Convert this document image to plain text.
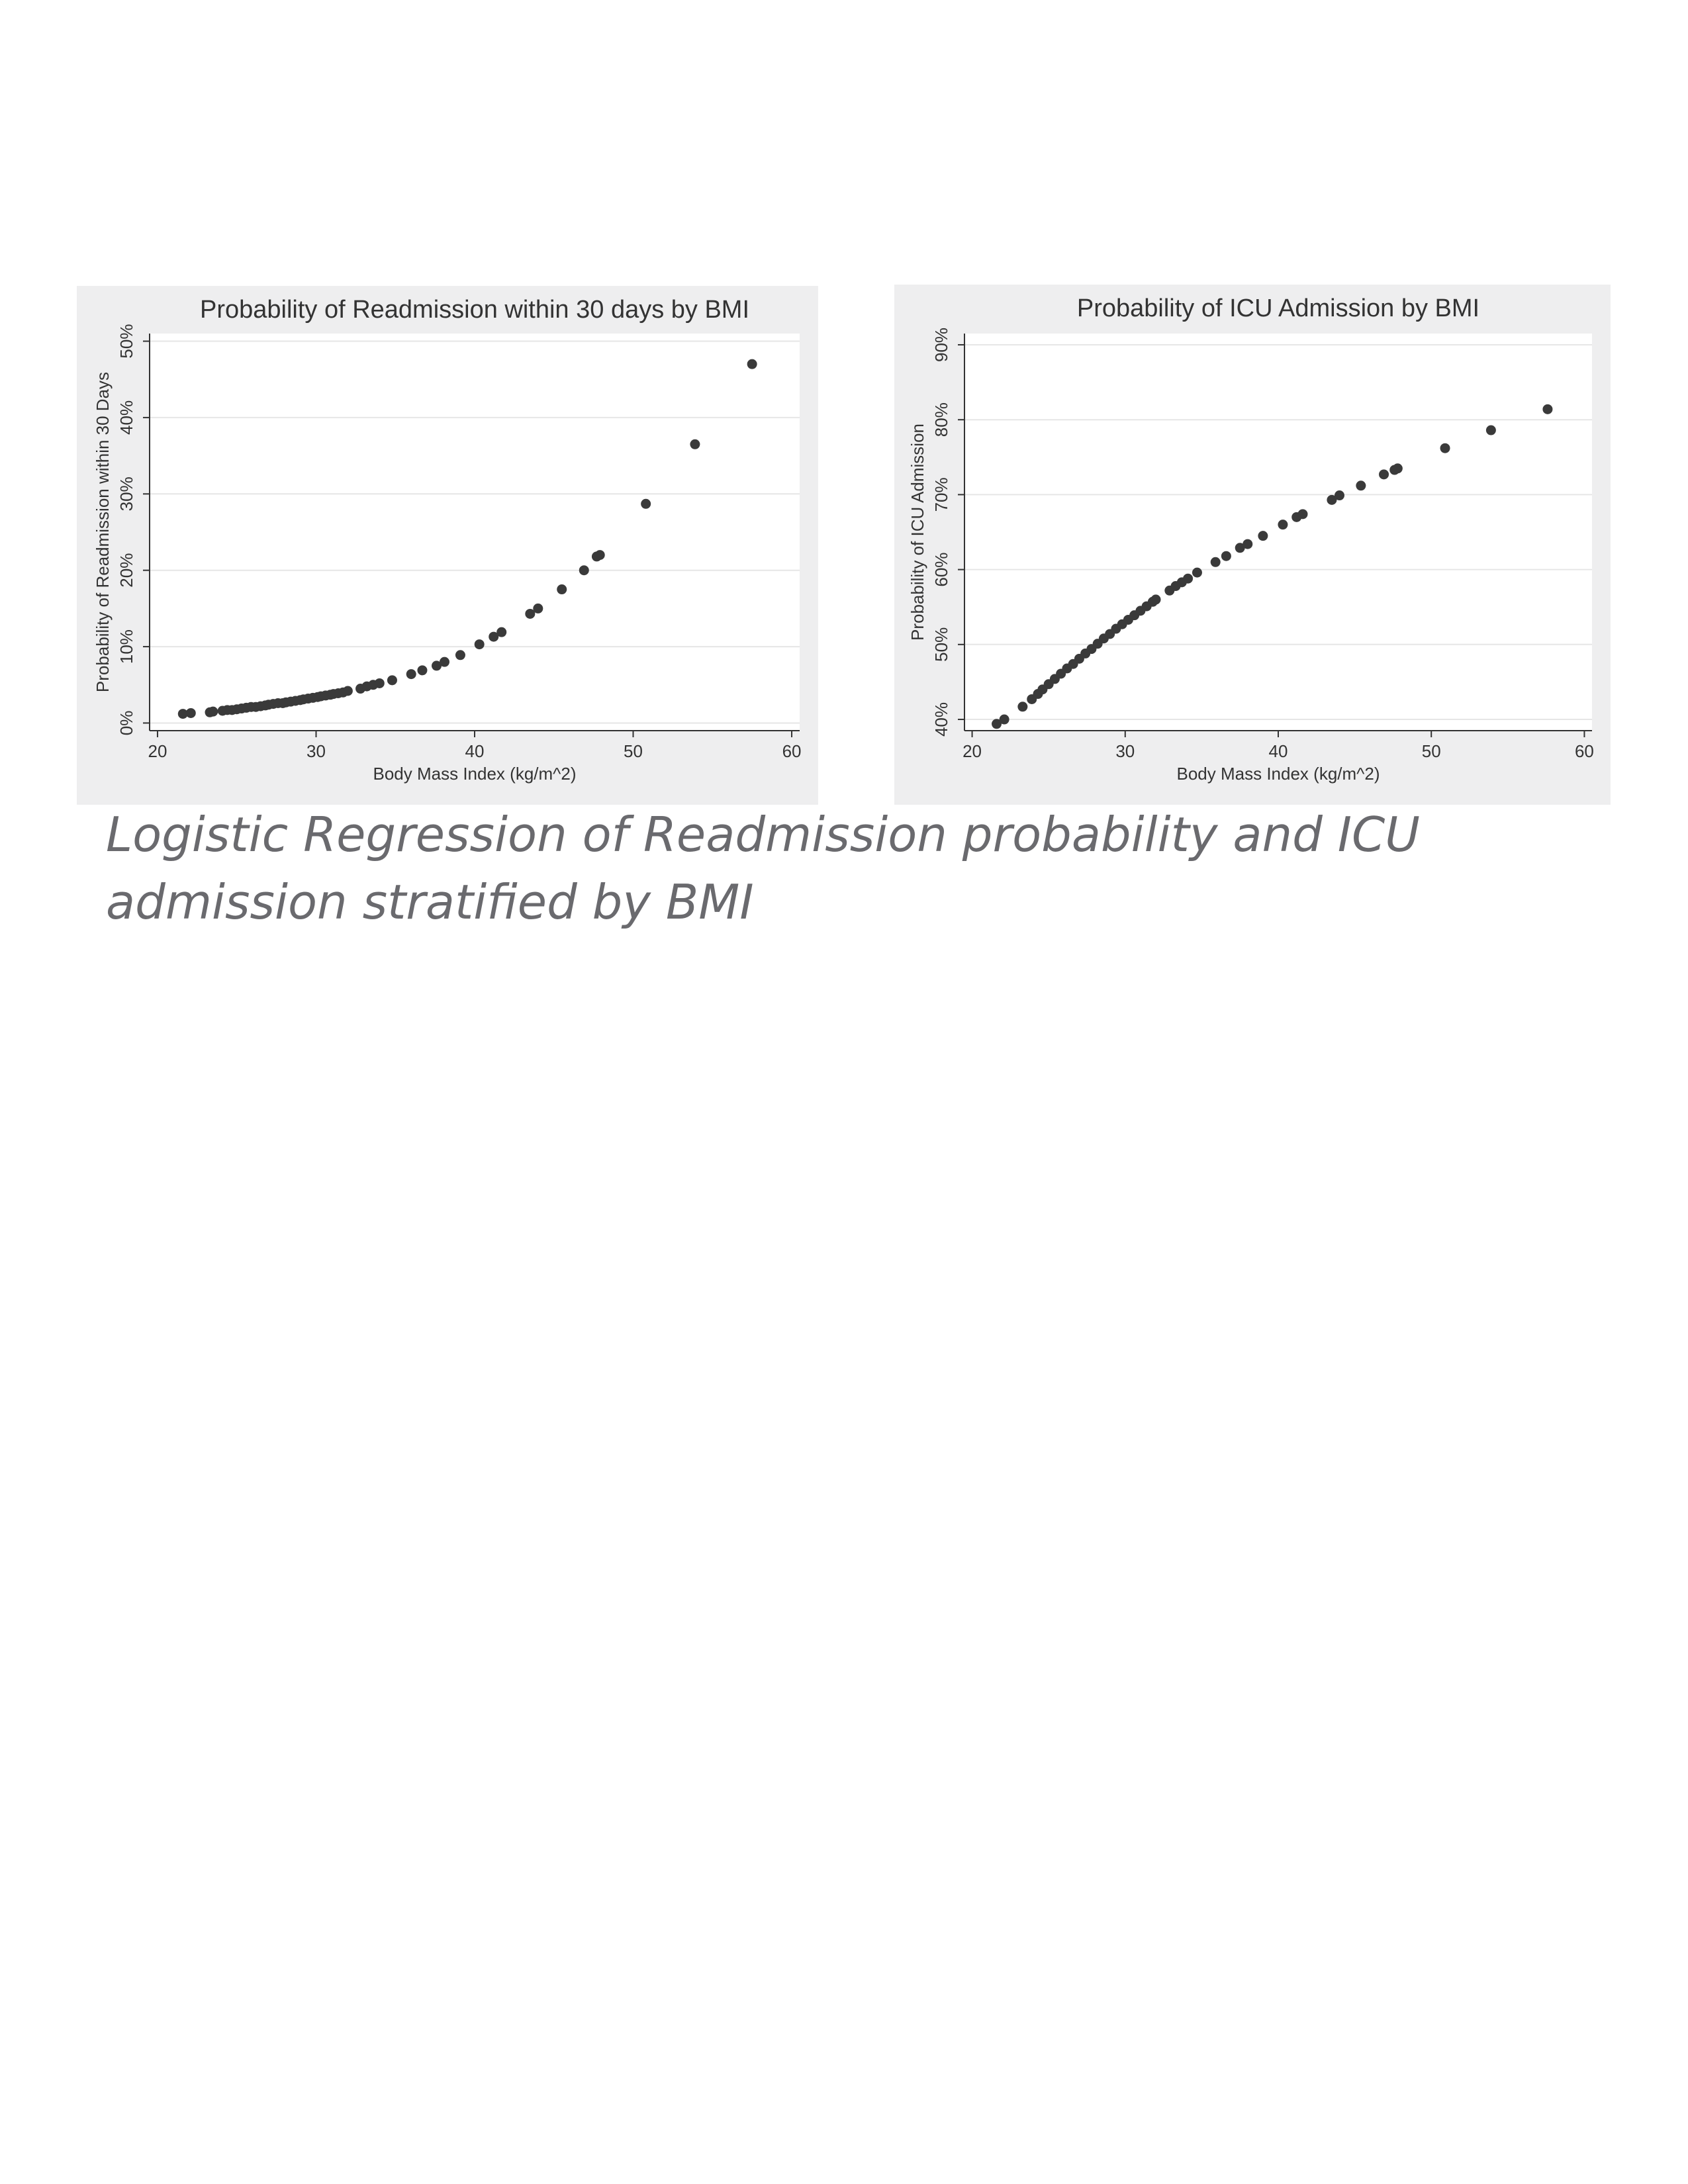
20	30	40	50	60
0%
10%
20%
30%
40%
50%
Probability of Readmission within 30 days by BMI
Body Mass Index (kg/m^2)
Probability of Readmission within 30 Days
20	30	40	50	60
40%
50%
60%
70%
80%
90%
Probability of ICU Admission by BMI
Body Mass Index (kg/m^2)
Probability of ICU Admission
Logistic Regression of Readmission probability and ICU admission stratified by BMI
